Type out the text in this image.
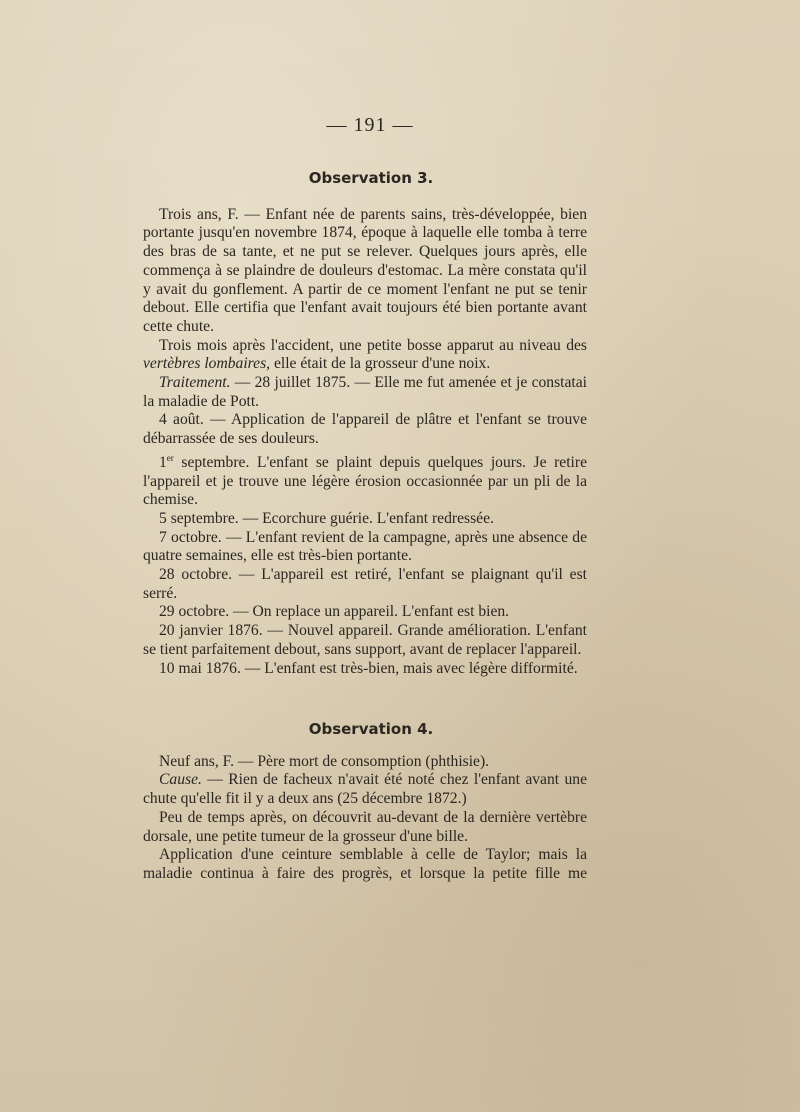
— 191 —

Observation 3.

Trois ans, F. — Enfant née de parents sains, très-développée, bien portante jusqu'en novembre 1874, époque à laquelle elle tomba à terre des bras de sa tante, et ne put se relever. Quelques jours après, elle commença à se plaindre de douleurs d'estomac. La mère constata qu'il y avait du gonflement. A partir de ce moment l'enfant ne put se tenir debout. Elle certifia que l'enfant avait toujours été bien portante avant cette chute.

Trois mois après l'accident, une petite bosse apparut au niveau des vertèbres lombaires, elle était de la grosseur d'une noix.

Traitement. — 28 juillet 1875. — Elle me fut amenée et je constatai la maladie de Pott.

4 août. — Application de l'appareil de plâtre et l'enfant se trouve débarrassée de ses douleurs.

1er septembre. L'enfant se plaint depuis quelques jours. Je retire l'appareil et je trouve une légère érosion occasionnée par un pli de la chemise.

5 septembre. — Ecorchure guérie. L'enfant redressée.

7 octobre. — L'enfant revient de la campagne, après une absence de quatre semaines, elle est très-bien portante.

28 octobre. — L'appareil est retiré, l'enfant se plaignant qu'il est serré.

29 octobre. — On replace un appareil. L'enfant est bien.

20 janvier 1876. — Nouvel appareil. Grande amélioration. L'enfant se tient parfaitement debout, sans support, avant de replacer l'appareil.

10 mai 1876. — L'enfant est très-bien, mais avec légère difformité.

Observation 4.

Neuf ans, F. — Père mort de consomption (phthisie).

Cause. — Rien de facheux n'avait été noté chez l'enfant avant une chute qu'elle fit il y a deux ans (25 décembre 1872.)

Peu de temps après, on découvrit au-devant de la dernière vertèbre dorsale, une petite tumeur de la grosseur d'une bille.

Application d'une ceinture semblable à celle de Taylor; mais la maladie continua à faire des progrès, et lorsque la petite fille me
